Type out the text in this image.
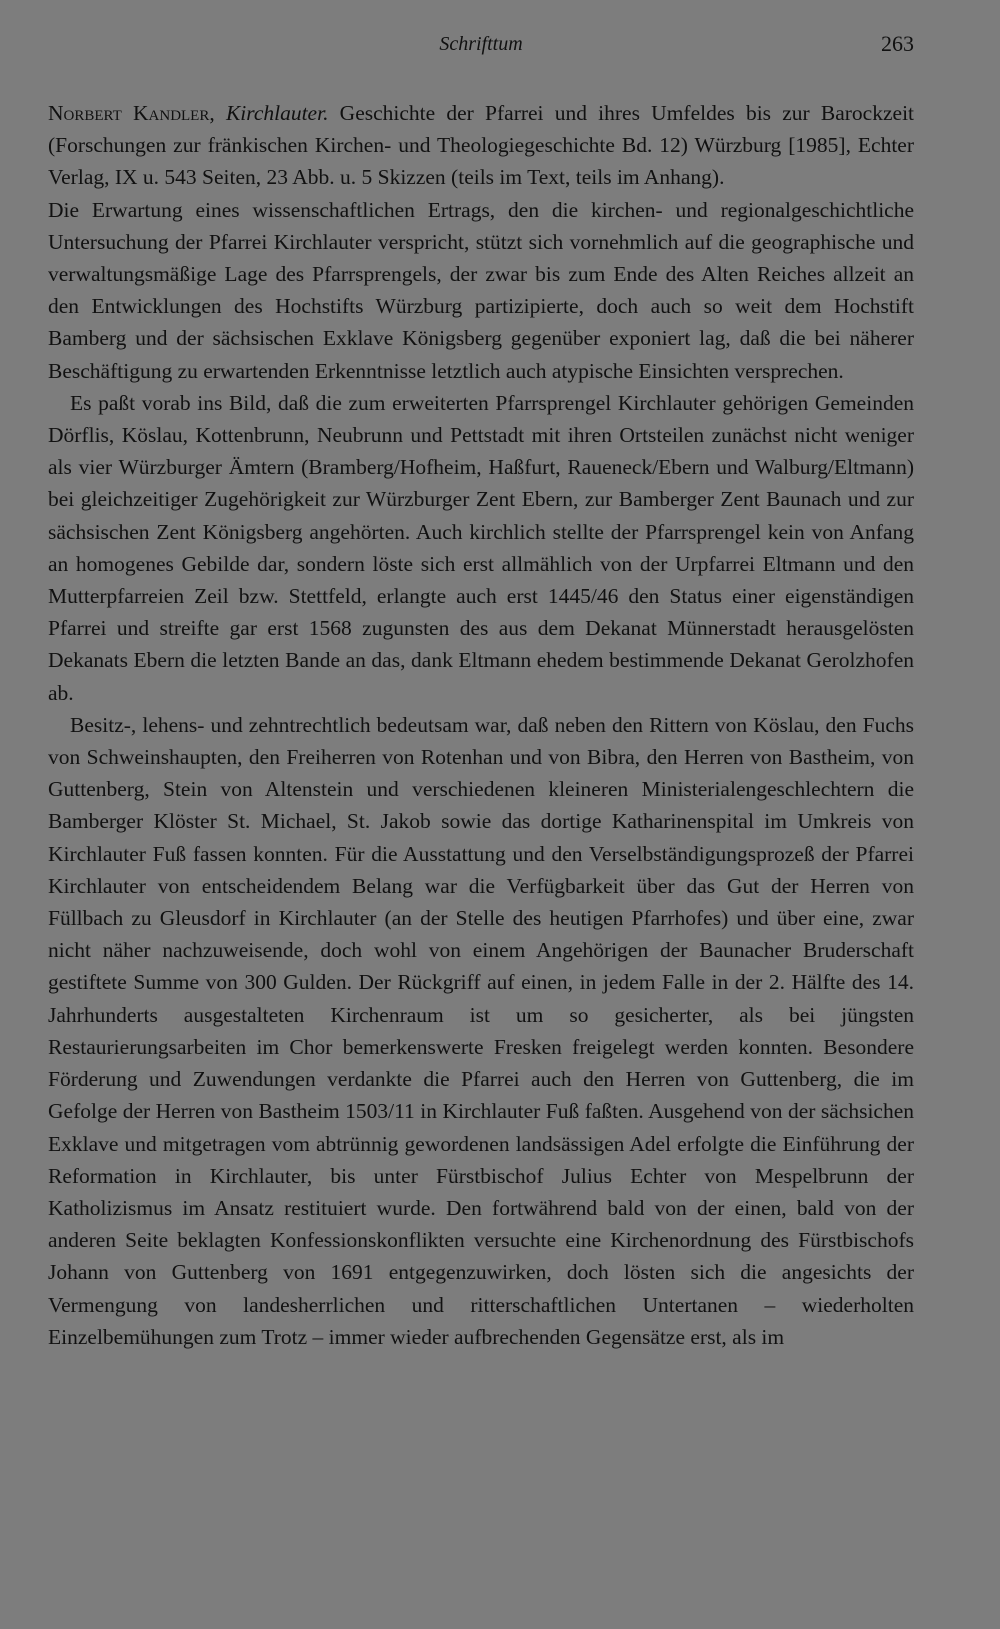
Schrifttum	263

Norbert Kandler, Kirchlauter. Geschichte der Pfarrei und ihres Umfeldes bis zur Barockzeit (Forschungen zur fränkischen Kirchen- und Theologiegeschichte Bd. 12) Würzburg [1985], Echter Verlag, IX u. 543 Seiten, 23 Abb. u. 5 Skizzen (teils im Text, teils im Anhang).

Die Erwartung eines wissenschaftlichen Ertrags, den die kirchen- und regionalgeschichtliche Untersuchung der Pfarrei Kirchlauter verspricht, stützt sich vornehmlich auf die geographische und verwaltungsmäßige Lage des Pfarrsprengels, der zwar bis zum Ende des Alten Reiches allzeit an den Entwicklungen des Hochstifts Würzburg partizipierte, doch auch so weit dem Hochstift Bamberg und der sächsischen Exklave Königsberg gegenüber exponiert lag, daß die bei näherer Beschäftigung zu erwartenden Erkenntnisse letztlich auch atypische Einsichten versprechen.

Es paßt vorab ins Bild, daß die zum erweiterten Pfarrsprengel Kirchlauter gehörigen Gemeinden Dörflis, Köslau, Kottenbrunn, Neubrunn und Pettstadt mit ihren Ortsteilen zunächst nicht weniger als vier Würzburger Ämtern (Bramberg/Hofheim, Haßfurt, Raueneck/Ebern und Walburg/Eltmann) bei gleichzeitiger Zugehörigkeit zur Würzburger Zent Ebern, zur Bamberger Zent Baunach und zur sächsischen Zent Königsberg angehörten. Auch kirchlich stellte der Pfarrsprengel kein von Anfang an homogenes Gebilde dar, sondern löste sich erst allmählich von der Urpfarrei Eltmann und den Mutterpfarreien Zeil bzw. Stettfeld, erlangte auch erst 1445/46 den Status einer eigenständigen Pfarrei und streifte gar erst 1568 zugunsten des aus dem Dekanat Münnerstadt herausgelösten Dekanats Ebern die letzten Bande an das, dank Eltmann ehedem bestimmende Dekanat Gerolzhofen ab.

Besitz-, lehens- und zehntrechtlich bedeutsam war, daß neben den Rittern von Köslau, den Fuchs von Schweinshaupten, den Freiherren von Rotenhan und von Bibra, den Herren von Bastheim, von Guttenberg, Stein von Altenstein und verschiedenen kleineren Ministerialengeschlechtern die Bamberger Klöster St. Michael, St. Jakob sowie das dortige Katharinenspital im Umkreis von Kirchlauter Fuß fassen konnten. Für die Ausstattung und den Verselbständigungsprozeß der Pfarrei Kirchlauter von entscheidendem Belang war die Verfügbarkeit über das Gut der Herren von Füllbach zu Gleusdorf in Kirchlauter (an der Stelle des heutigen Pfarrhofes) und über eine, zwar nicht näher nachzuweisende, doch wohl von einem Angehörigen der Baunacher Bruderschaft gestiftete Summe von 300 Gulden. Der Rückgriff auf einen, in jedem Falle in der 2. Hälfte des 14. Jahrhunderts ausgestalteten Kirchenraum ist um so gesicherter, als bei jüngsten Restaurierungsarbeiten im Chor bemerkenswerte Fresken freigelegt werden konnten. Besondere Förderung und Zuwendungen verdankte die Pfarrei auch den Herren von Guttenberg, die im Gefolge der Herren von Bastheim 1503/11 in Kirchlauter Fuß faßten. Ausgehend von der sächsichen Exklave und mitgetragen vom abtrünnig gewordenen landsässigen Adel erfolgte die Einführung der Reformation in Kirchlauter, bis unter Fürstbischof Julius Echter von Mespelbrunn der Katholizismus im Ansatz restituiert wurde. Den fortwährend bald von der einen, bald von der anderen Seite beklagten Konfessionskonflikten versuchte eine Kirchenordnung des Fürstbischofs Johann von Guttenberg von 1691 entgegenzuwirken, doch lösten sich die angesichts der Vermengung von landesherrlichen und ritterschaftlichen Untertanen – wiederholten Einzelbemühungen zum Trotz – immer wieder aufbrechenden Gegensätze erst, als im
